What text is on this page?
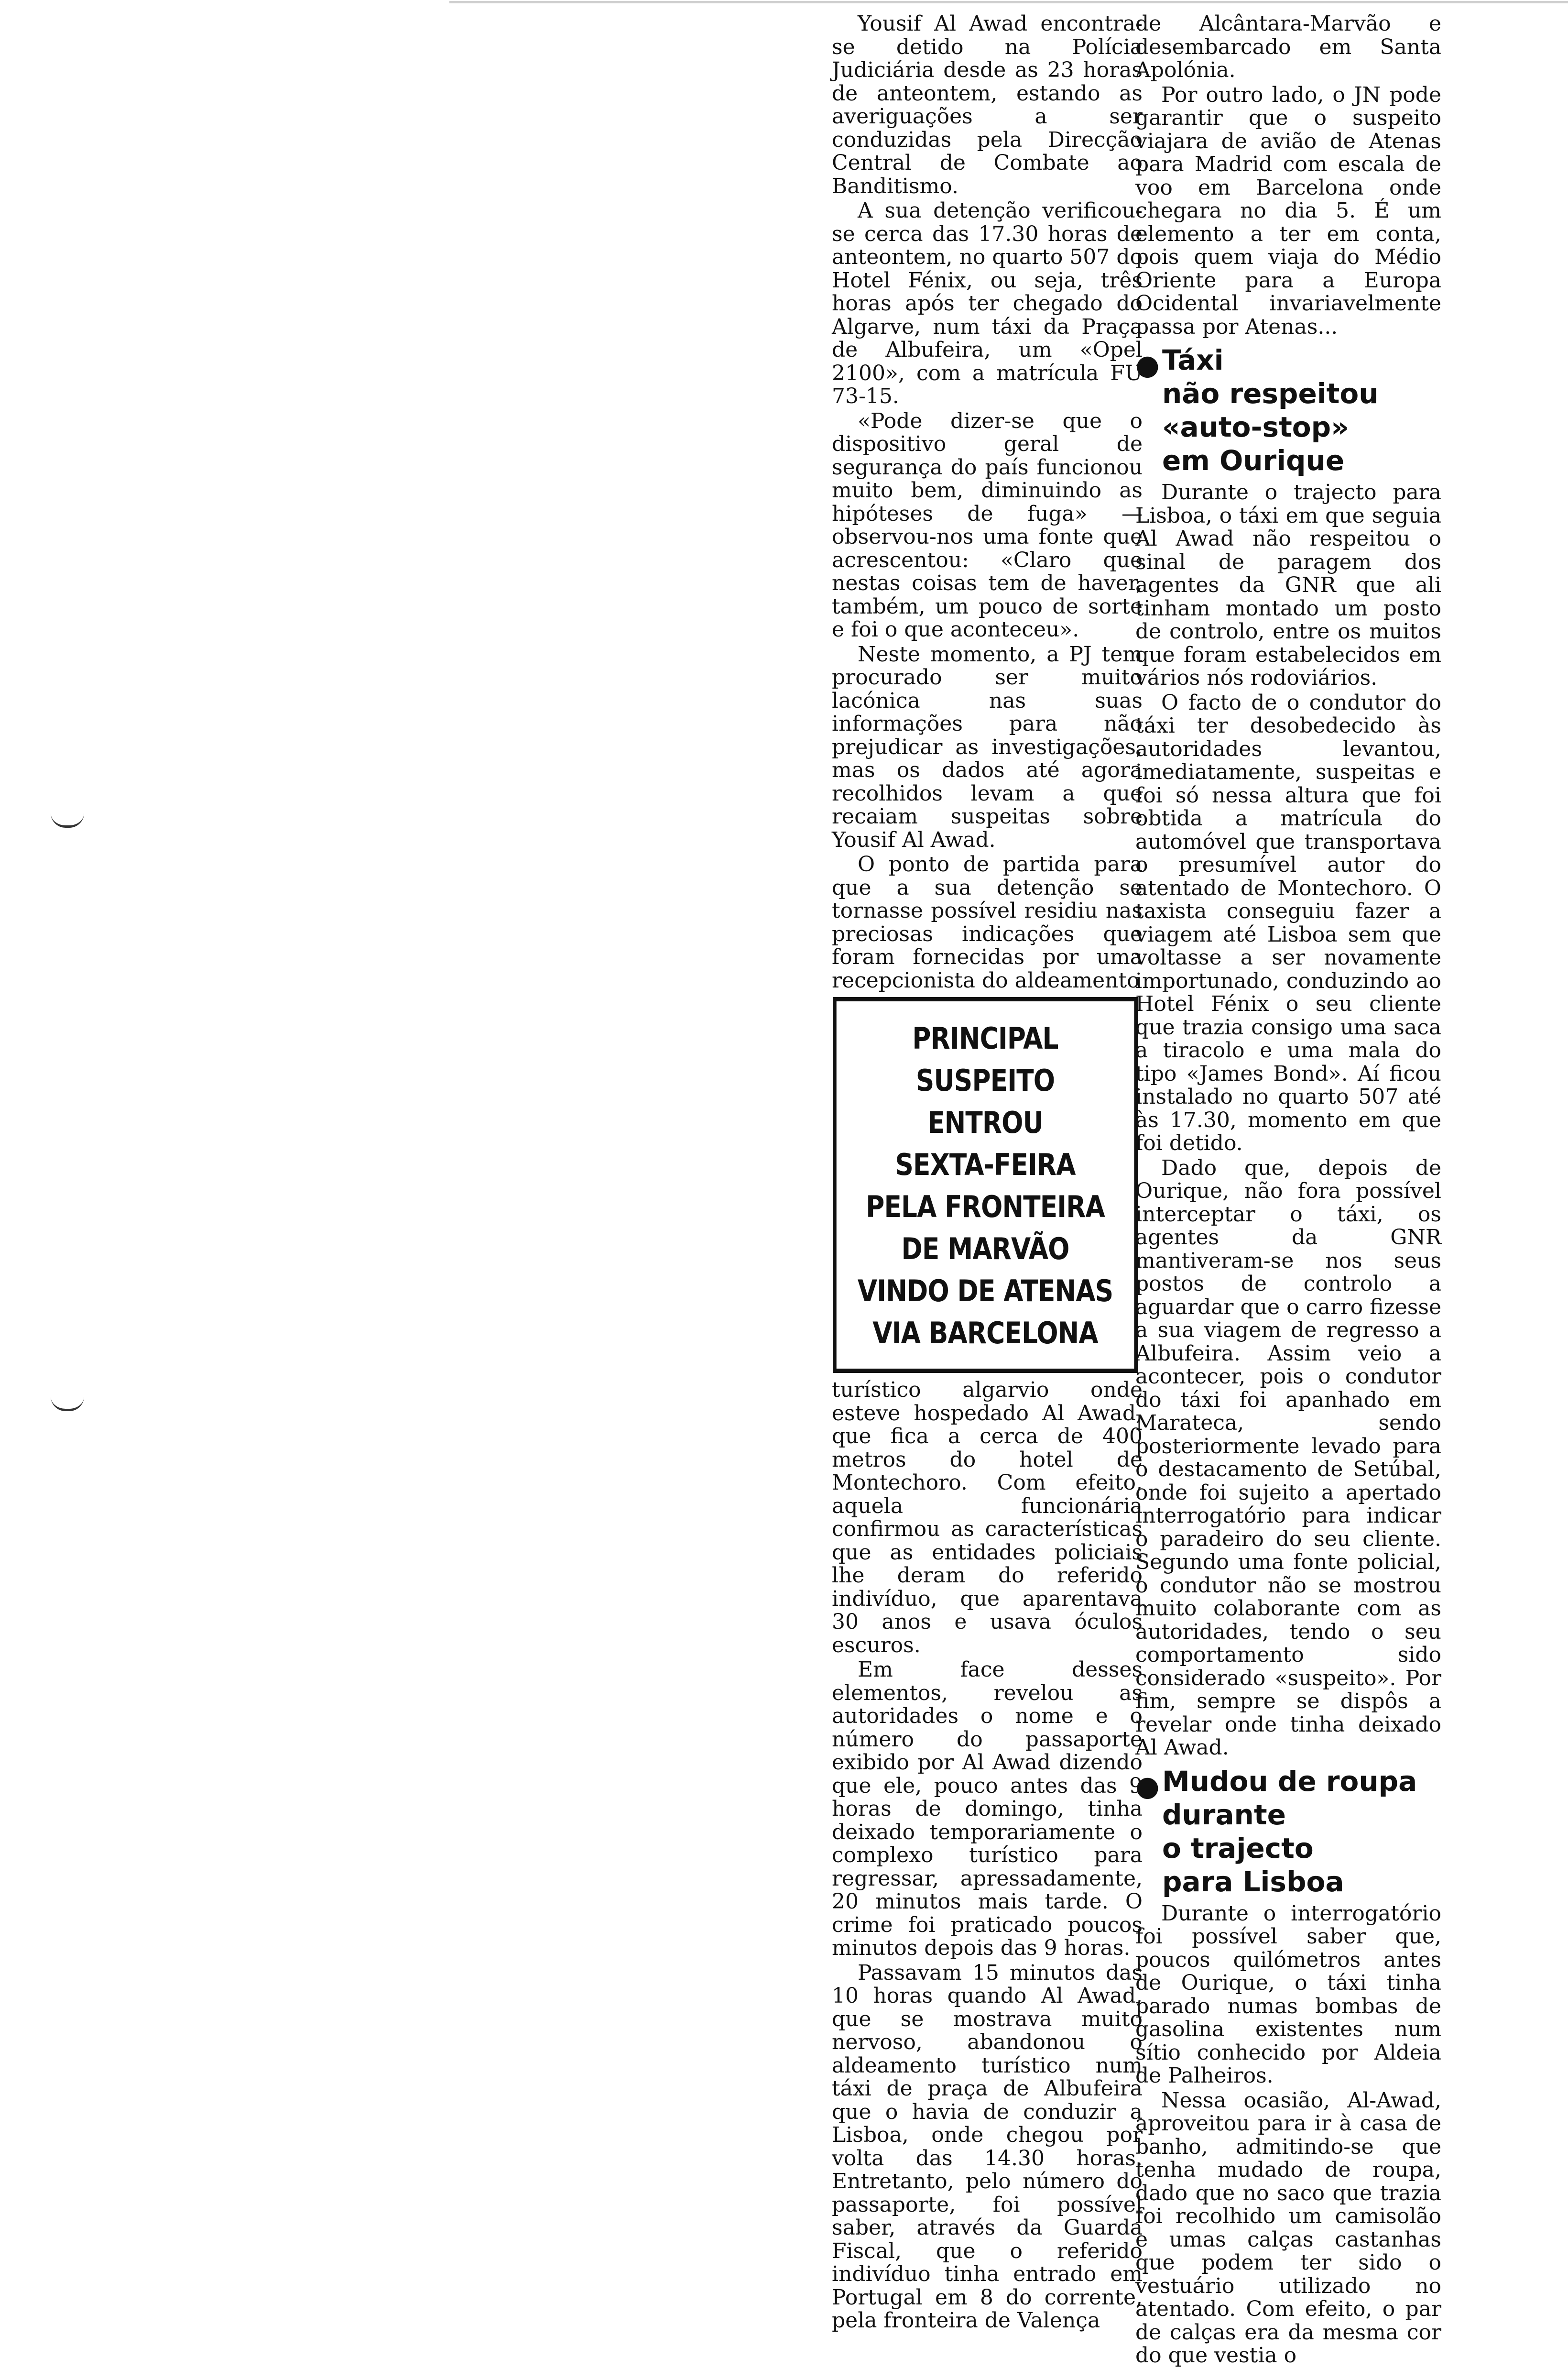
Yousif Al Awad encontra-se detido na Polícia Judiciária desde as 23 horas de anteontem, estando as averiguações a ser conduzidas pela Direcção Central de Combate ao Banditismo.

A sua detenção verificou-se cerca das 17.30 horas de anteontem, no quarto 507 do Hotel Fénix, ou seja, três horas após ter chegado do Algarve, num táxi da Praça de Albufeira, um «Opel 2100», com a matrícula FU 73-15.

«Pode dizer-se que o dispositivo geral de segurança do país funcionou muito bem, diminuindo as hipóteses de fuga» — observou-nos uma fonte que acrescentou: «Claro que nestas coisas tem de haver, também, um pouco de sorte e foi o que aconteceu».

Neste momento, a PJ tem procurado ser muito lacónica nas suas informações para não prejudicar as investigações, mas os dados até agora recolhidos levam a que recaiam suspeitas sobre Yousif Al Awad.

O ponto de partida para que a sua detenção se tornasse possível residiu nas preciosas indicações que foram fornecidas por uma recepcionista do aldeamento

PRINCIPAL
SUSPEITO
ENTROU
SEXTA-FEIRA
PELA FRONTEIRA
DE MARVÃO
VINDO DE ATENAS
VIA BARCELONA

turístico algarvio onde esteve hospedado Al Awad, que fica a cerca de 400 metros do hotel de Montechoro. Com efeito, aquela funcionária confirmou as características que as entidades policiais lhe deram do referido indivíduo, que aparentava 30 anos e usava óculos escuros.

Em face desses elementos, revelou as autoridades o nome e o número do passaporte exibido por Al Awad dizendo que ele, pouco antes das 9 horas de domingo, tinha deixado temporariamente o complexo turístico para regressar, apressadamente, 20 minutos mais tarde. O crime foi praticado poucos minutos depois das 9 horas.

Passavam 15 minutos das 10 horas quando Al Awad, que se mostrava muito nervoso, abandonou o aldeamento turístico num táxi de praça de Albufeira que o havia de conduzir a Lisboa, onde chegou por volta das 14.30 horas. Entretanto, pelo número do passaporte, foi possível saber, através da Guarda Fiscal, que o referido indivíduo tinha entrado em Portugal em 8 do corrente, pela fronteira de Valença

de Alcântara-Marvão e desembarcado em Santa Apolónia.

Por outro lado, o JN pode garantir que o suspeito viajara de avião de Atenas para Madrid com escala de voo em Barcelona onde chegara no dia 5. É um elemento a ter em conta, pois quem viaja do Médio Oriente para a Europa Ocidental invariavelmente passa por Atenas...

● Táxi
não respeitou
«auto-stop»
em Ourique

Durante o trajecto para Lisboa, o táxi em que seguia Al Awad não respeitou o sinal de paragem dos agentes da GNR que ali tinham montado um posto de controlo, entre os muitos que foram estabelecidos em vários nós rodoviários.

O facto de o condutor do táxi ter desobedecido às autoridades levantou, imediatamente, suspeitas e foi só nessa altura que foi obtida a matrícula do automóvel que transportava o presumível autor do atentado de Montechoro. O taxista conseguiu fazer a viagem até Lisboa sem que voltasse a ser novamente importunado, conduzindo ao Hotel Fénix o seu cliente que trazia consigo uma saca a tiracolo e uma mala do tipo «James Bond». Aí ficou instalado no quarto 507 até às 17.30, momento em que foi detido.

Dado que, depois de Ourique, não fora possível interceptar o táxi, os agentes da GNR mantiveram-se nos seus postos de controlo a aguardar que o carro fizesse a sua viagem de regresso a Albufeira. Assim veio a acontecer, pois o condutor do táxi foi apanhado em Marateca, sendo posteriormente levado para o destacamento de Setúbal, onde foi sujeito a apertado interrogatório para indicar o paradeiro do seu cliente. Segundo uma fonte policial, o condutor não se mostrou muito colaborante com as autoridades, tendo o seu comportamento sido considerado «suspeito». Por fim, sempre se dispôs a revelar onde tinha deixado Al Awad.

● Mudou de roupa
durante
o trajecto
para Lisboa

Durante o interrogatório foi possível saber que, poucos quilómetros antes de Ourique, o táxi tinha parado numas bombas de gasolina existentes num sítio conhecido por Aldeia de Palheiros.

Nessa ocasião, Al-Awad, aproveitou para ir à casa de banho, admitindo-se que tenha mudado de roupa, dado que no saco que trazia foi recolhido um camisolão e umas calças castanhas que podem ter sido o vestuário utilizado no atentado. Com efeito, o par de calças era da mesma cor do que vestia o
